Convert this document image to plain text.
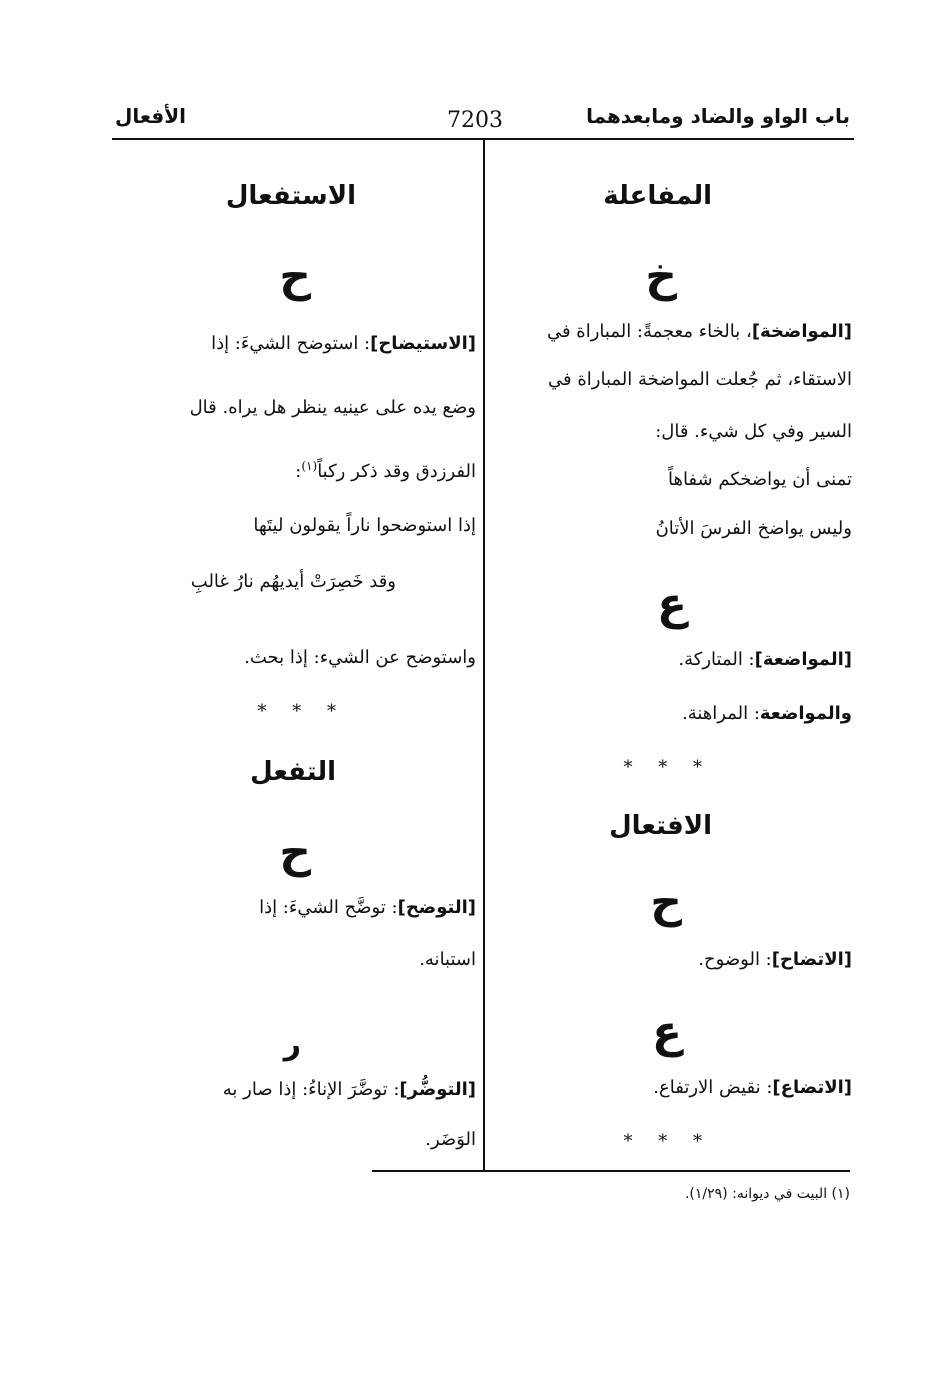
باب الواو والضاد ومابعدهما
7203
الأفعال
المفاعلة
خ
[المواضخة]، بالخاء معجمةً: المباراة في
الاستقاء، ثم جُعلت المواضخة المباراة في
السير وفي كل شيء. قال:
تمنى أن يواضخكم شفاهاً
وليس يواضخ الفرسَ الأتانُ
ع
[المواضعة]: المتاركة.
والمواضعة: المراهنة.
* * *
الافتعال
ح
[الاتضاح]: الوضوح.
ع
[الاتضاع]: نقيض الارتفاع.
* * *
الاستفعال
ح
[الاستيضاح]: استوضح الشيءَ: إذا
وضع يده على عينيه ينظر هل يراه. قال
الفرزدق وقد ذكر ركباً$^{(١)}$:
إذا استوضحوا ناراً يقولون ليتَها
وقد خَصِرَتْ أيديهُم نارُ غالبِ
واستوضح عن الشيء: إذا بحث.
* * *
التفعل
ح
[التوضح]: توضَّح الشيءَ: إذا
استبانه.
ر
[التوضُّر]: توضَّرَ الإناءُ: إذا صار به
الوَضَر.
(١) البيت في ديوانه: (١/٢٩).
